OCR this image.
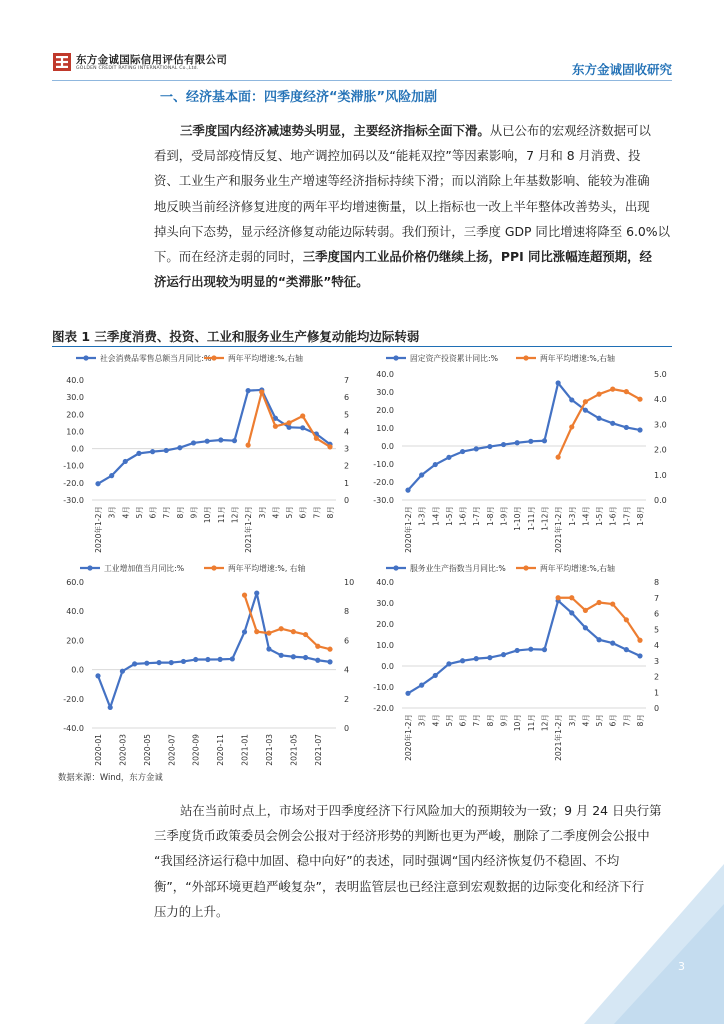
东方金诚国际信用评估有限公司
GOLDEN CREDIT RATING INTERNATIONAL Co.,Ltd.	东方金诚固收研究
一、经济基本面：四季度经济“类滞胀”风险加剧
三季度国内经济减速势头明显，主要经济指标全面下滑。从已公布的宏观经济数据可以
看到，受局部疫情反复、地产调控加码以及“能耗双控”等因素影响，7 月和 8 月消费、投
资、工业生产和服务业生产增速等经济指标持续下滑；而以消除上年基数影响、能较为准确
地反映当前经济修复进度的两年平均增速衡量，以上指标也一改上半年整体改善势头，出现
掉头向下态势，显示经济修复动能边际转弱。我们预计，三季度 GDP 同比增速将降至 6.0%以
下。而在经济走弱的同时，三季度国内工业品价格仍继续上扬，PPI 同比涨幅连超预期，经
济运行出现较为明显的“类滞胀”特征。
图表 1 三季度消费、投资、工业和服务业生产修复动能均边际转弱
-30.0
-20.0
-10.0
0.0
10.0
20.0
30.0
40.0
0
1
2
3
4
5
6
7
2020年1-2月 3月 4月 5月 6月 7月 8月 9月 10月 11月 12月 2021年1-2月 3月 4月 5月 6月 7月 8月
社会消费品零售总额当月同比:% 两年平均增速:%,右轴
-30.0
-20.0
-10.0
0.0
10.0
20.0
30.0
40.0
0.0
1.0
2.0
3.0
4.0
5.0
2020年1-2月 1-3月 1-4月 1-5月 1-6月 1-7月 1-8月 1-9月 1-10月 1-11月 1-12月 2021年1-2月 1-3月 1-4月 1-5月 1-6月 1-7月 1-8月
固定资产投资累计同比:%	两年平均增速:%,右轴
-40.0
-20.0
0.0
20.0
40.0
60.0
0
2
4
6
8
10
2020-01 2020-03 2020-05 2020-07 2020-09 2020-11 2021-01 2021-03 2021-05 2021-07
工业增加值当月同比:%	两年平均增速:%, 右轴
-20.0
-10.0
0.0
10.0
20.0
30.0
40.0
0
1
2
3
4
5
6
7
8
2020年1-2月 3月 4月 5月 6月 7月 8月 9月 10月 11月 12月 2021年1-2月 3月 4月 5月 6月 7月 8月
服务业生产指数当月同比:%	两年平均增速:%,右轴
数据来源：Wind，东方金诚
站在当前时点上，市场对于四季度经济下行风险加大的预期较为一致；9 月 24 日央行第
三季度货币政策委员会例会公报对于经济形势的判断也更为严峻，删除了二季度例会公报中
“我国经济运行稳中加固、稳中向好”的表述，同时强调“国内经济恢复仍不稳固、不均
衡”，“外部环境更趋严峻复杂”，表明监管层也已经注意到宏观数据的边际变化和经济下行
压力的上升。
3
